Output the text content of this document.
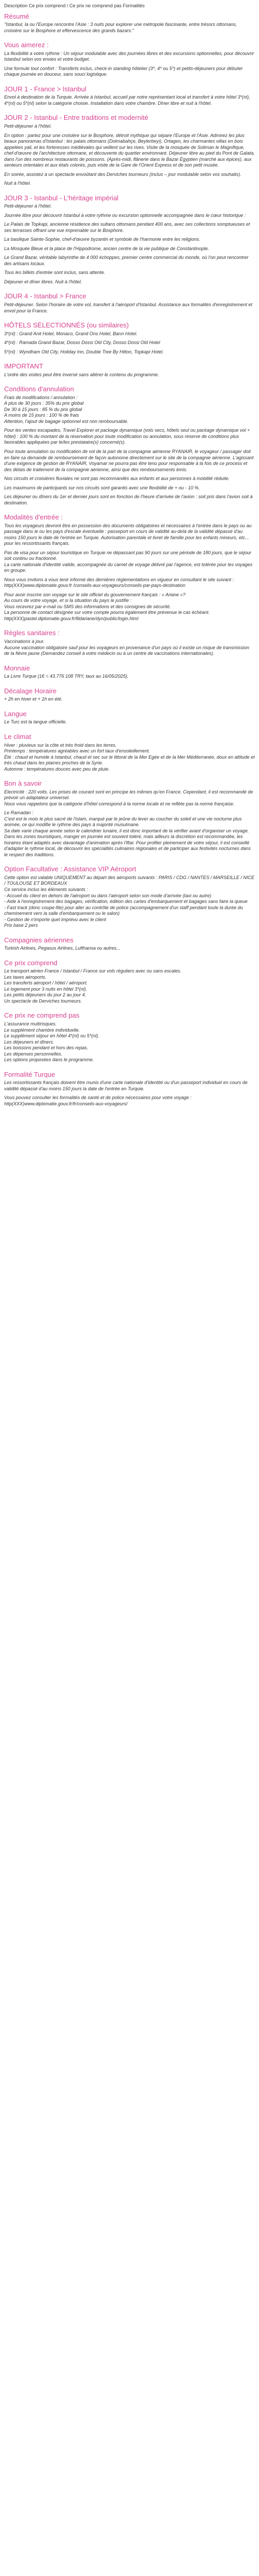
Description Ce prix comprend / Ce prix ne comprend pas Formalités

Résumé

"Istanbul, la ou l'Europe rencontre l'Asie : 3 nuits pour explorer une métropole fascinante, entre trésors ottomans, croisière sur le Bosphore et effervescence des grands bazars."

Vous aimerez :

La flexibilité a votre rythme : Un séjour modulable avec des journées libres et des excursions optionnelles, pour découvrir Istanbul selon vos envies et votre budget.

Une formule tout confort : Transferts inclus, check-in standing hôtelier (3*, 4* ou 5*) et petits-déjeuners pour débuter chaque journée en douceur, sans souci logistique.

JOUR 1 - France > Istanbul

Envol à destination de la Turquie. Arrivée à Istanbul, accueil par notre représentant local et transfert à votre hôtel 3*(nl), 4*(nl) ou 5*(nl) selon la catégorie choisie. Installation dans votre chambre. Dîner libre et nuit à l'hôtel.

JOUR 2 - Istanbul - Entre traditions et modernité

Petit-déjeuner à l'hôtel.

En option : partez pour une croisière sur le Bosphore, détroit mythique qui sépare l'Europe et l'Asie. Admirez les plus beaux panoramas d'Istanbul : les palais ottomans (Dolmabahçe, Beylerbeyi), Ortagen, les charmantes villas en bois appelées yali, et les forteresses médiévales qui veillent sur les rives. Visite de la mosquée de Soliman le Magnifique, chef-d'œuvre de l'architecture ottomane, et découverte du quartier environnant. Déjeuner libre au pied du Pont de Galata, dans l'un des nombreux restaurants de poissons. (Après-midi, flânerie dans le Bazar Égyptien (marché aux épices), aux senteurs orientales et aux étals colorés, puis visite de la Gare de l'Orient Express et de son petit musée.

En soirée, assistez à un spectacle envoûtant des Derviches tourneurs (inclus – jour modulable selon vos souhaits).

Nuit à l'hôtel.

JOUR 3 - Istanbul - L'héritage impérial

Petit-déjeuner à l'hôtel.

Journée libre pour découvrir Istanbul à votre rythme ou excursion optionnelle accompagnée dans le cœur historique :

Le Palais de Topkapi, ancienne résidence des sultans ottomans pendant 400 ans, avec ses collections somptueuses et ses terrasses offrant une vue imprenable sur le Bosphore.

La basilique Sainte-Sophie, chef-d'œuvre byzantin et symbole de l'harmonie entre les religions.

La Mosquée Bleue et la place de l'Hippodrome, ancien centre de la vie publique de Constantinople.

Le Grand Bazar, véritable labyrinthe de 4 000 échoppes, premier centre commercial du monde, où l'on peut rencontrer des artisans locaux.

Tous les billets d'entrée sont inclus, sans attente.

Déjeuner et dîner libres. Nuit à l'hôtel.

JOUR 4 - Istanbul > France

Petit-déjeuner. Selon l'horaire de votre vol, transfert à l'aéroport d'Istanbul. Assistance aux formalités d'enregistrement et envol pour la France.

HÔTELS SÉLECTIONNÉS (ou similaires)

3*(nl) : Grand Anit Hotel, Monaco, Grand Ons Hotel, Barın Hotel.

4*(nl) : Ramada Grand Bazar, Dosso Dossi Old City, Dosso Dossi Old Hotel

5*(nl) : Wyndham Old City, Holiday Inn, Double Tree By Hilton, Topkapi Hotel.

IMPORTANT

L'ordre des visites peut être inversé sans altérer le contenu du programme.

Conditions d'annulation

Frais de modifications / annulation :
A plus de 30 jours : 35% du prix global
De 30 à 15 jours : 85 % du prix global
A moins de 15 jours : 100 % de frais
Attention, l'ajout de bagage optionnel est non remboursable.

Pour les ventes escapades, Travel Explorer et package dynamique (vols secs, hôtels seul ou package dynamique vol + hôtel) : 100 % du montant de la réservation pour toute modification ou annulation, sous réserve de conditions plus favorables appliquées par le/les prestataire(s) concerné(s).

Pour toute annulation ou modification de vol de la part de la compagnie aérienne RYANAIR, le voyageur / passager doit en faire sa demande de remboursement de façon autonome directement sur le site de la compagnie aérienne. L'agissant d'une exigence de gestion de RYANAIR, Voyamar ne pourra pas être tenu pour responsable à la fois de ce process et des délais de traitement de la compagnie aérienne, ainsi que des remboursements émis.

Nos circuits et croisières fluviales ne sont pas recommandés aux enfants et aux personnes à mobilité réduite.

Les maximums de participants sur nos circuits sont garantis avec une flexibilité de + ou - 10 %.

Les déjeuner ou dîners du 1er et dernier jours sont en fonction de l'heure d'arrivée de l'avion : soit pris dans l'avion soit à destination.

Modalités d'entrée :

Tous les voyageurs devront être en possession des documents obligatoires et nécessaires à l'entrée dans le pays ou au passage dans le ou les pays d'escale éventuelle : passeport en cours de validité au-delà de la validité dépassé d'au moins 150 jours le date de l'entrée en Turquie. Autorisation parentale et livret de famille pour les enfants mineurs, etc... pour les ressortissants français.

Pas de visa pour un séjour touristique en Turquie ne dépassant pas 90 jours sur une période de 180 jours, que le séjour soit continu ou fractionné.
La carte nationale d'identité valide, accompagnée du carnet de voyage délivré par l'agence, est tolérée pour les voyages en groupe.

Nous vous invitons à vous tenir informé des dernières réglementations en vigueur en consultant le site suivant : http(XXX)www.diplomatie.gouv.fr /conseils-aux-voyageurs/conseils-par-pays-destination

Pour avoir inscrire son voyage sur le site officiel du gouvernement français : « Ariane »?
Au cours de votre voyage, et si la situation du pays le justifie :
Vous recevrez par e-mail ou SMS des informations et des consignes de sécurité.
La personne de contact désignée sur votre compte pourra également être prévenue le cas échéant.
http(XXX)pastel.diplomatie.gouv.fr/fildariane/dyn/public/login.html

Règles sanitaires :

Vaccinations à jour.
Aucune vaccination obligatoire sauf pour les voyageurs en provenance d'un pays où il existe un risque de transmission de la fièvre jaune (Demandez conseil à votre médecin ou à un centre de vaccinations internationales).

Monnaie

La Livre Turque (1€ = 43.776 108 TRY, taux au 16/05/2025).

Décalage Horaire

+ 2h en hiver et + 1h en été.

Langue

Le Turc est la langue officielle.

Le climat

Hiver : pluvieux sur la côte et très froid dans les terres.
Printemps : températures agréables avec un fort taux d'ensoleillement.
Été : chaud et humide à Istanbul, chaud et sec sur le littoral de la Mer Egée et de la Mer Méditerranée, doux en altitude et très chaud dans les plaines proches de la Syrie.
Automne : températures douces avec peu de pluie.

Bon à savoir

Electricité : 220 volts. Les prises de courant sont en principe les mêmes qu'en France. Cependant, il est recommandé de prévoir un adaptateur universel.
Nous vous rappelons que la catégorie d'hôtel correspond à la norme locale et ne reflète pas la norme française.

Le Ramadan :
C'est est le mois le plus sacré de l'islam, marqué par le jeûne du lever au coucher du soleil et une vie nocturne plus animée, ce qui modifie le rythme des pays à majorité musulmane.
Sa date varie chaque année selon le calendrier lunaire, il est donc important de la vérifier avant d'organiser un voyage.
Dans les zones touristiques, manger en journée est souvent toléré, mais ailleurs la discrétion est recommandée, les horaires étant adaptés avec davantage d'animation après l'iftar. Pour profiter pleinement de votre séjour, il est conseillé d'adapter le rythme local, de découvrir les spécialités culinaires régionales et de participer aux festivités nocturnes dans le respect des traditions.

Option Facultative : Assistance VIP Aéroport

Cette option est valable UNIQUEMENT au départ des aéroports suivants : PARIS / CDG / NANTES / MARSEILLE / NICE / TOULOUSE ET BORDEAUX
Ce service inclus les éléments suivants :
- Accueil du client en dehors de l'aéroport ou dans l'aéroport selon son mode d'arrivée (taxi ou autre)
- Aide à l'enregistrement des bagages, vérification, édition des cartes d'embarquement et bagages sans faire la queue
- Fast track (donc coupe-file) pour aller au contrôle de police (accompagnement d'un staff pendant toute la durée du cheminement vers la salle d'embarquement ou le salon)
- Gestion de n'importe quel imprévu avec le client
Prix base 2 pers

Compagnies aériennes

Turkish Airlines, Pegasus Airlines, Lufthansa ou autres...

Ce prix comprend

Le transport aérien France / Istanbul / France sur vols réguliers avec ou sans escales.
Les taxes aéroports.
Les transferts aéroport / hôtel / aéroport.
Le logement pour 3 nuits en hôtel 3*(nl).
Les petits déjeuners du jour 2 au jour 4.
Un spectacle de Derviches tourneurs.

Ce prix ne comprend pas

L'assurance multirisques.
Le supplément chambre individuelle.
Le supplément séjour en hôtel 4*(nl) ou 5*(nl).
Les déjeuners et dîners.
Les boissons pendant et hors des repas.
Les dépenses personnelles.
Les options proposées dans le programme.

Formalité Turque

Les ressortissants français doivent être munis d'une carte nationale d'identité ou d'un passeport individuel en cours de validité dépassé d'au moins 150 jours la date de l'entrée en Turquie.

Vous pouvez consulter les formalités de santé et de police nécessaires pour votre voyage : http(XXX)www.diplomatie.gouv.fr/fr/conseils-aux-voyageurs/
